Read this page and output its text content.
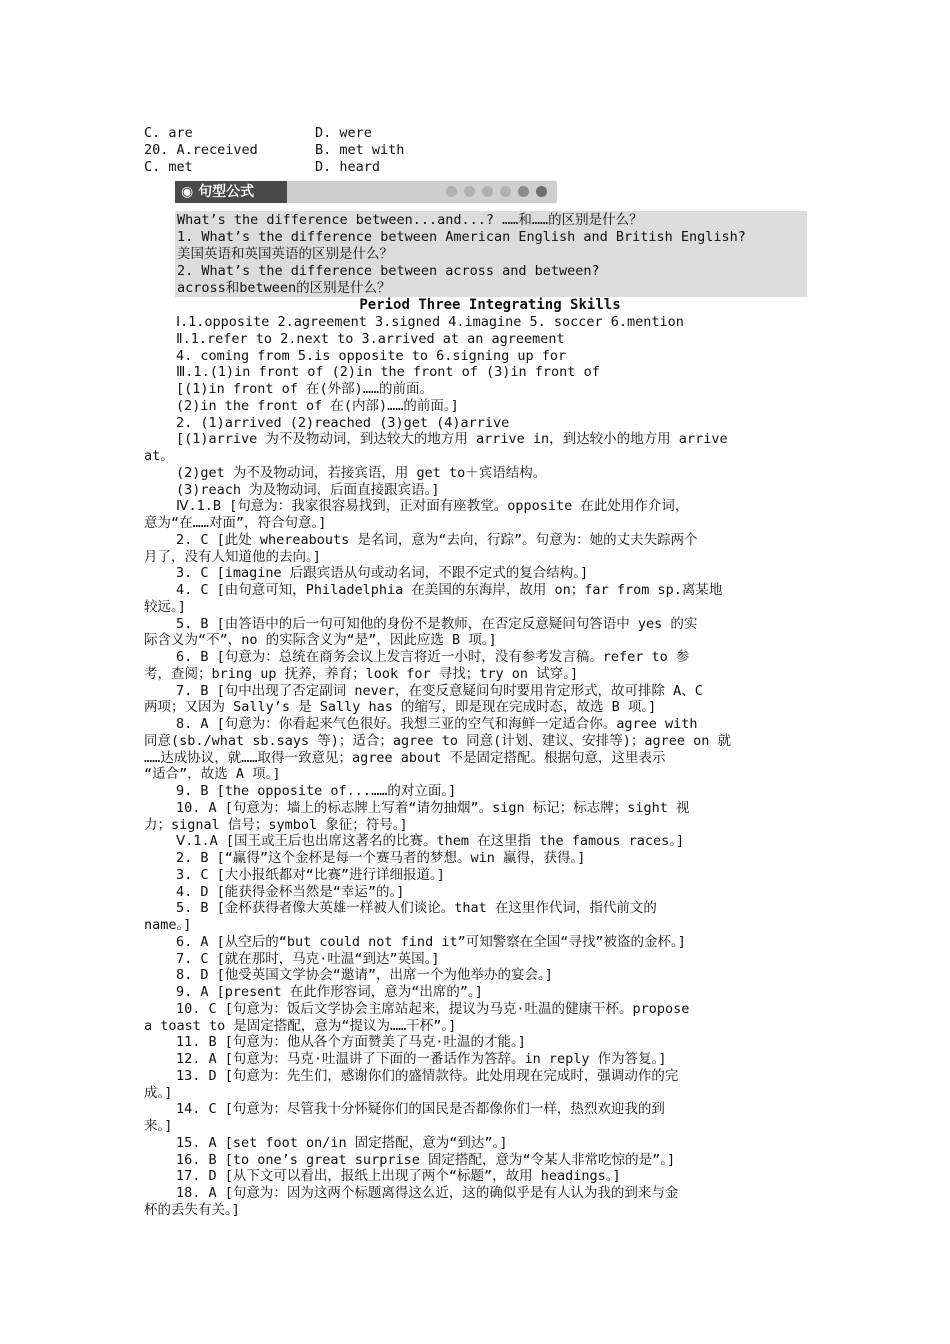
C. are	D. were
20. A.received	B. met with
C. met	D. heard
◉ 句型公式
What’s the difference between...and...? ……和……的区别是什么？
1. What’s the difference between American English and British English?
美国英语和英国英语的区别是什么？
2. What’s the difference between across and between?
across和between的区别是什么？
Period Three Integrating Skills
Ⅰ.1.opposite 2.agreement 3.signed 4.imagine 5. soccer 6.mention
Ⅱ.1.refer to 2.next to 3.arrived at an agreement
4. coming from 5.is opposite to 6.signing up for
Ⅲ.1.(1)in front of (2)in the front of (3)in front of
[(1)in front of 在(外部)……的前面。
(2)in the front of 在(内部)……的前面。]
2. (1)arrived (2)reached (3)get (4)arrive
[(1)arrive 为不及物动词，到达较大的地方用 arrive in，到达较小的地方用 arrive
at。
(2)get 为不及物动词，若接宾语，用 get to＋宾语结构。
(3)reach 为及物动词，后面直接跟宾语。]
Ⅳ.1.B [句意为：我家很容易找到，正对面有座教堂。opposite 在此处用作介词，
意为“在……对面”，符合句意。]
2. C [此处 whereabouts 是名词，意为“去向，行踪”。句意为：她的丈夫失踪两个
月了，没有人知道他的去向。]
3. C [imagine 后跟宾语从句或动名词，不跟不定式的复合结构。]
4. C [由句意可知，Philadelphia 在美国的东海岸，故用 on；far from sp.离某地
较远。]
5. B [由答语中的后一句可知他的身份不是教师，在否定反意疑问句答语中 yes 的实
际含义为“不”，no 的实际含义为“是”，因此应选 B 项。]
6. B [句意为：总统在商务会议上发言将近一小时，没有参考发言稿。refer to 参
考，查阅；bring up 抚养，养育；look for 寻找；try on 试穿。]
7. B [句中出现了否定副词 never，在变反意疑问句时要用肯定形式，故可排除 A、C
两项；又因为 Sally’s 是 Sally has 的缩写，即是现在完成时态，故选 B 项。]
8. A [句意为：你看起来气色很好。我想三亚的空气和海鲜一定适合你。agree with
同意(sb./what sb.says 等)；适合；agree to 同意(计划、建议、安排等)；agree on 就
……达成协议，就……取得一致意见；agree about 不是固定搭配。根据句意，这里表示
“适合”，故选 A 项。]
9. B [the opposite of...……的对立面。]
10. A [句意为：墙上的标志牌上写着“请勿抽烟”。sign 标记；标志牌；sight 视
力；signal 信号；symbol 象征；符号。]
Ⅴ.1.A [国王或王后也出席这著名的比赛。them 在这里指 the famous races。]
2. B [“赢得”这个金杯是每一个赛马者的梦想。win 赢得，获得。]
3. C [大小报纸都对“比赛”进行详细报道。]
4. D [能获得金杯当然是“幸运”的。]
5. B [金杯获得者像大英雄一样被人们谈论。that 在这里作代词，指代前文的
name。]
6. A [从空后的“but could not find it”可知警察在全国“寻找”被盗的金杯。]
7. C [就在那时，马克·吐温“到达”英国。]
8. D [他受英国文学协会“邀请”，出席一个为他举办的宴会。]
9. A [present 在此作形容词，意为“出席的”。]
10. C [句意为：饭后文学协会主席站起来，提议为马克·吐温的健康干杯。propose
a toast to 是固定搭配，意为“提议为……干杯”。]
11. B [句意为：他从各个方面赞美了马克·吐温的才能。]
12. A [句意为：马克·吐温讲了下面的一番话作为答辞。in reply 作为答复。]
13. D [句意为：先生们，感谢你们的盛情款待。此处用现在完成时，强调动作的完
成。]
14. C [句意为：尽管我十分怀疑你们的国民是否都像你们一样，热烈欢迎我的到
来。]
15. A [set foot on/in 固定搭配，意为“到达”。]
16. B [to one’s great surprise 固定搭配，意为“令某人非常吃惊的是”。]
17. D [从下文可以看出，报纸上出现了两个“标题”，故用 headings。]
18. A [句意为：因为这两个标题离得这么近，这的确似乎是有人认为我的到来与金
杯的丢失有关。]
